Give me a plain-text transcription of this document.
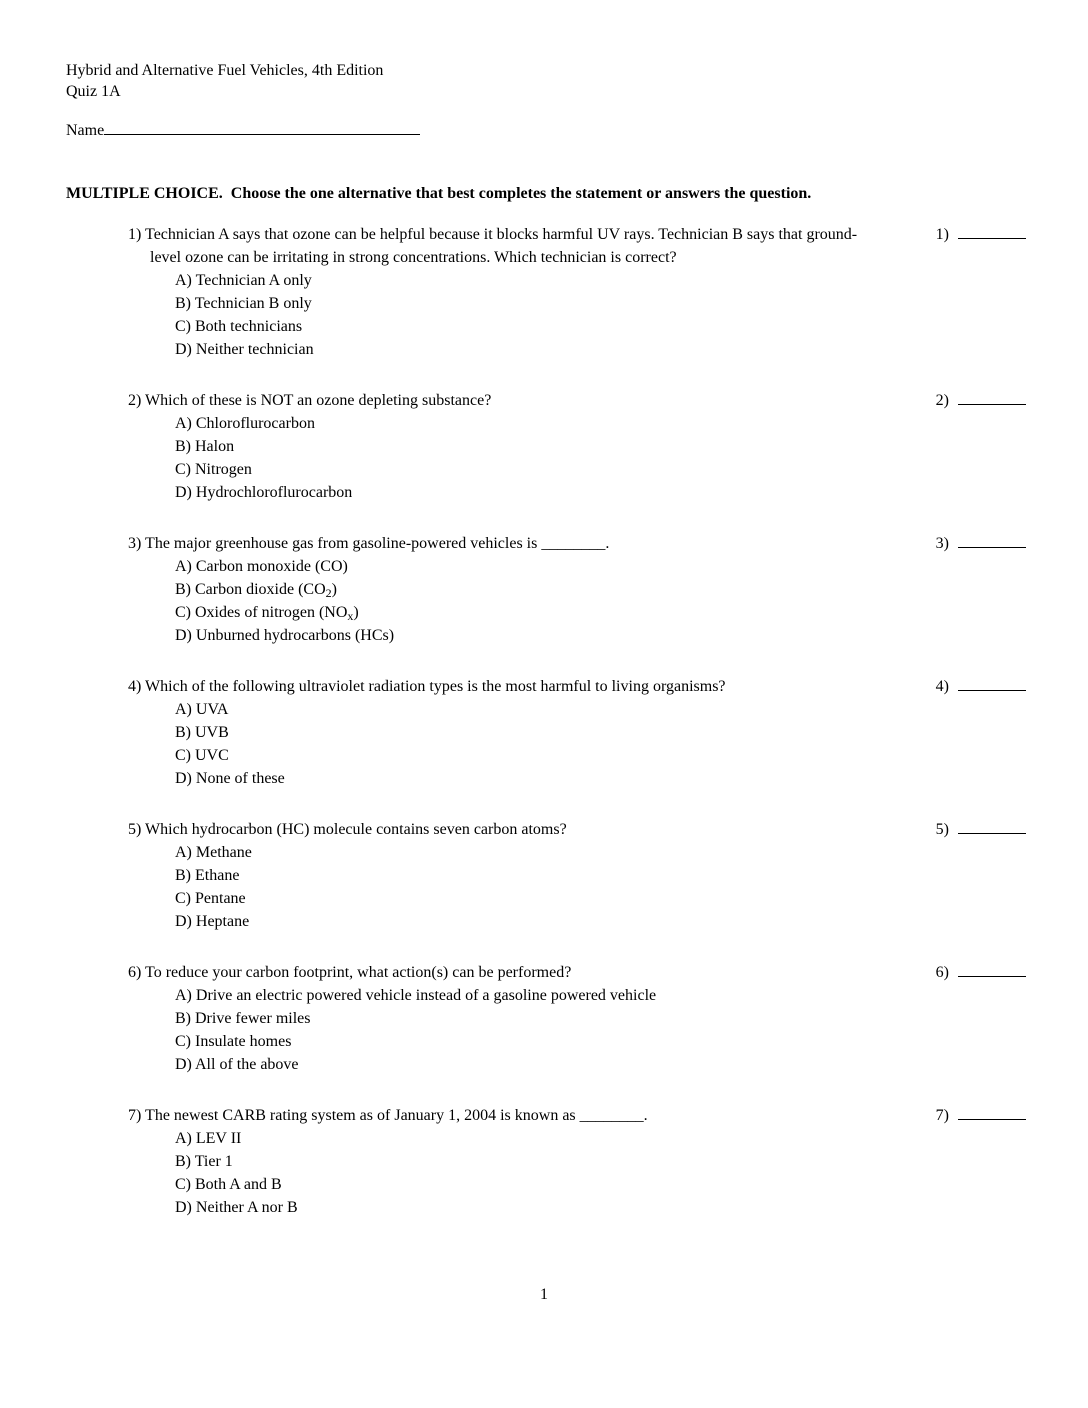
Hybrid and Alternative Fuel Vehicles, 4th Edition
Quiz 1A
Name
MULTIPLE CHOICE.  Choose the one alternative that best completes the statement or answers the question.
1) Technician A says that ozone can be helpful because it blocks harmful UV rays. Technician B says that ground-level ozone can be irritating in strong concentrations. Which technician is correct?
A) Technician A only
B) Technician B only
C) Both technicians
D) Neither technician
1)
2) Which of these is NOT an ozone depleting substance?
A) Chloroflurocarbon
B) Halon
C) Nitrogen
D) Hydrochloroflurocarbon
2)
3) The major greenhouse gas from gasoline-powered vehicles is ________.
A) Carbon monoxide (CO)
B) Carbon dioxide $(CO_2)$
C) Oxides of nitrogen $(NO_x)$
D) Unburned hydrocarbons (HCs)
3)
4) Which of the following ultraviolet radiation types is the most harmful to living organisms?
A) UVA
B) UVB
C) UVC
D) None of these
4)
5) Which hydrocarbon (HC) molecule contains seven carbon atoms?
A) Methane
B) Ethane
C) Pentane
D) Heptane
5)
6) To reduce your carbon footprint, what action(s) can be performed?
A) Drive an electric powered vehicle instead of a gasoline powered vehicle
B) Drive fewer miles
C) Insulate homes
D) All of the above
6)
7) The newest CARB rating system as of January 1, 2004 is known as ________.
A) LEV II
B) Tier 1
C) Both A and B
D) Neither A nor B
7)
1
